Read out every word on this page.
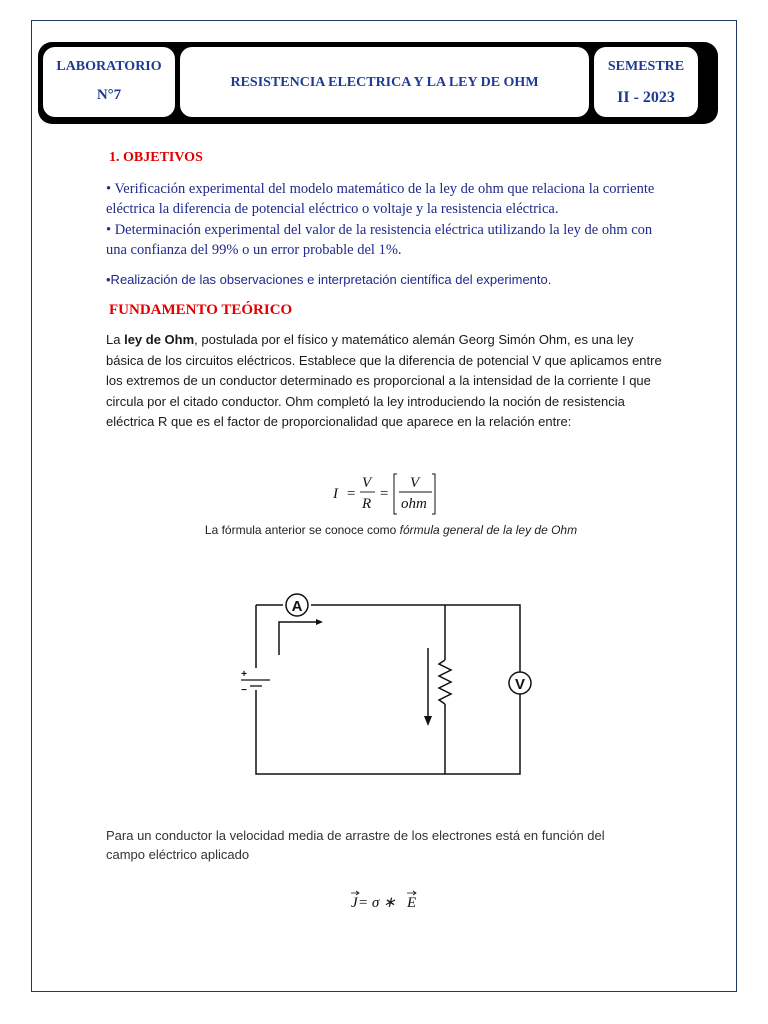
LABORATORIO
N°7
RESISTENCIA ELECTRICA Y LA LEY DE OHM
SEMESTRE
II - 2023
1. OBJETIVOS
• Verificación experimental del modelo matemático de la ley de ohm que relaciona la corriente eléctrica la diferencia de potencial eléctrico o voltaje y la resistencia eléctrica.
• Determinación experimental del valor de la resistencia eléctrica utilizando la ley de ohm con una confianza del 99% o un error probable del 1%.
•Realización de las observaciones e interpretación científica del experimento.
FUNDAMENTO TEÓRICO
La ley de Ohm, postulada por el físico y matemático alemán Georg Simón Ohm, es una ley básica de los circuitos eléctricos. Establece que la diferencia de potencial V que aplicamos entre los extremos de un conductor determinado es proporcional a la intensidad de la corriente I que circula por el citado conductor. Ohm completó la ley introduciendo la noción de resistencia eléctrica R que es el factor de proporcionalidad que aparece en la relación entre:
I =
V
R
=
V
ohm
La fórmula anterior se conoce como fórmula general de la ley de Ohm
A
V
+
−
Para un conductor la velocidad media de arrastre de los electrones está en función del campo eléctrico aplicado
J = σ ∗ E
